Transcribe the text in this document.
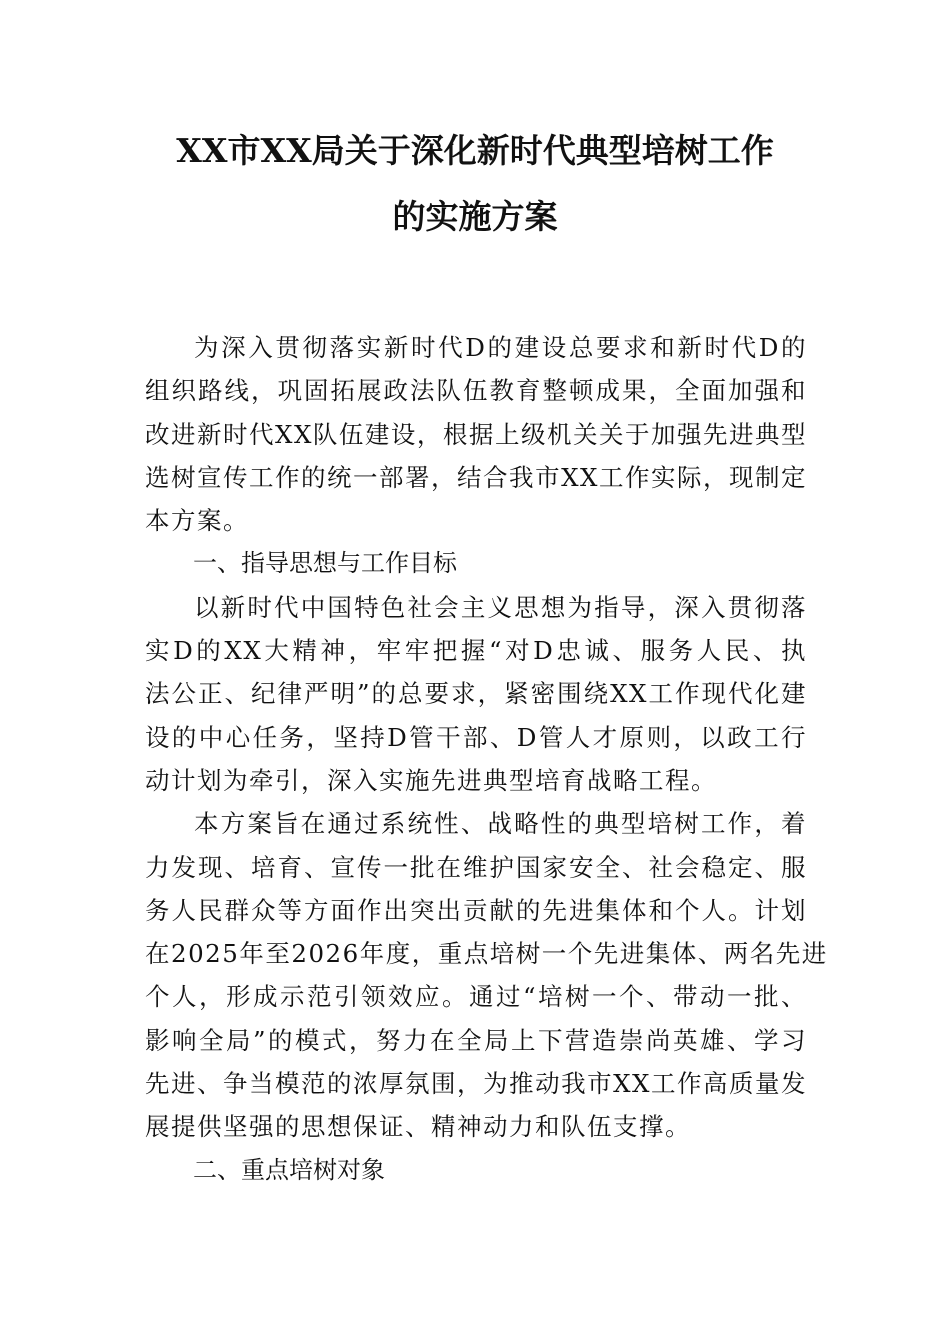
XX市XX局关于深化新时代典型培树工作
的实施方案

为深入贯彻落实新时代D的建设总要求和新时代D的
组织路线，巩固拓展政法队伍教育整顿成果，全面加强和
改进新时代XX队伍建设，根据上级机关关于加强先进典型
选树宣传工作的统一部署，结合我市XX工作实际，现制定
本方案。

一、指导思想与工作目标

以新时代中国特色社会主义思想为指导，深入贯彻落
实D的XX大精神，牢牢把握“对D忠诚、服务人民、执
法公正、纪律严明”的总要求，紧密围绕XX工作现代化建
设的中心任务，坚持D管干部、D管人才原则，以政工行
动计划为牵引，深入实施先进典型培育战略工程。

本方案旨在通过系统性、战略性的典型培树工作，着
力发现、培育、宣传一批在维护国家安全、社会稳定、服
务人民群众等方面作出突出贡献的先进集体和个人。计划
在2025年至2026年度，重点培树一个先进集体、两名先进
个人，形成示范引领效应。通过“培树一个、带动一批、
影响全局”的模式，努力在全局上下营造崇尚英雄、学习
先进、争当模范的浓厚氛围，为推动我市XX工作高质量发
展提供坚强的思想保证、精神动力和队伍支撑。

二、重点培树对象
